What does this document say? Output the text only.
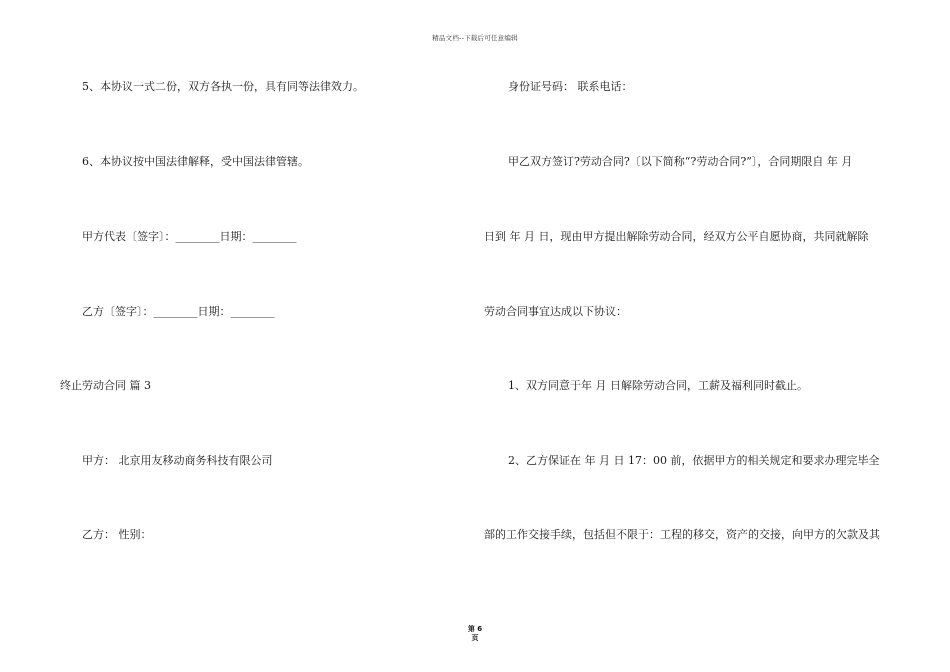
精品文档--下载后可任意编辑
5、本协议一式二份，双方各执一份，具有同等法律效力。
6、本协议按中国法律解释，受中国法律管辖。
甲方代表〔签字〕：________日期：________
乙方〔签字〕：________日期：________
终止劳动合同 篇 3
甲方： 北京用友移动商务科技有限公司
乙方： 性别：
身份证号码： 联系电话：
甲乙双方签订?劳动合同?〔以下简称“?劳动合同?”〕，合同期限自 年 月
日到 年 月 日，现由甲方提出解除劳动合同，经双方公平自愿协商，共同就解除
劳动合同事宜达成以下协议：
1、双方同意于年 月 日解除劳动合同，工薪及福利同时截止。
2、乙方保证在 年 月 日 17：00 前，依据甲方的相关规定和要求办理完毕全
部的工作交接手续，包括但不限于：工程的移交，资产的交接，向甲方的欠款及其
第 6
页
